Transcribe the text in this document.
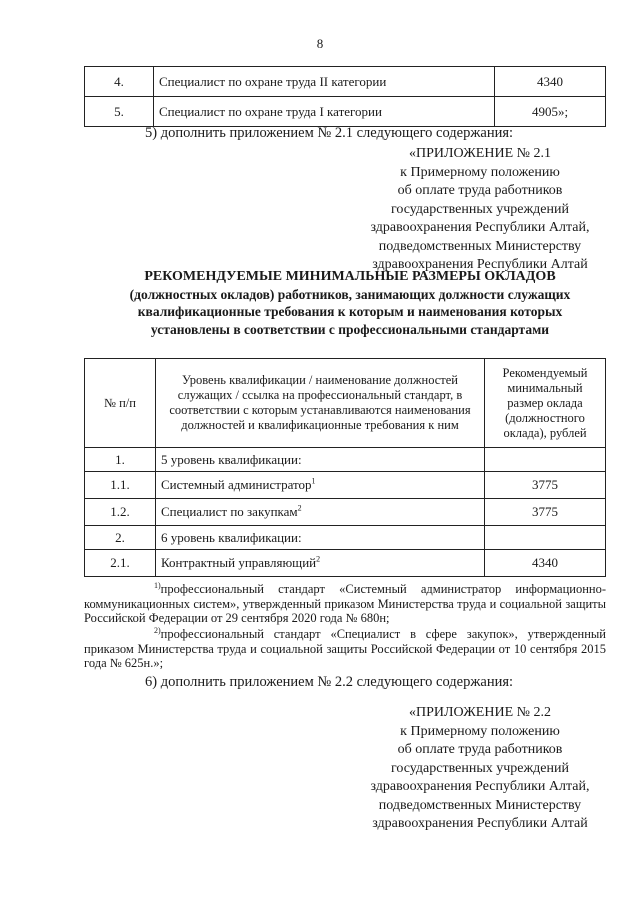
8
4.	Специалист по охране труда II категории	4340
5.	Специалист по охране труда I категории	4905»;
5) дополнить приложением № 2.1 следующего содержания:
«ПРИЛОЖЕНИЕ № 2.1
к Примерному положению
об оплате труда работников
государственных учреждений
здравоохранения Республики Алтай,
подведомственных Министерству
здравоохранения Республики Алтай
РЕКОМЕНДУЕМЫЕ МИНИМАЛЬНЫЕ РАЗМЕРЫ ОКЛАДОВ
(должностных окладов) работников, занимающих должности служащих
квалификационные требования к которым и наименования которых
установлены в соответствии с профессиональными стандартами
№ п/п	Уровень квалификации / наименование должностей служащих / ссылка на профессиональный стандарт, в соответствии с которым устанавливаются наименования должностей и квалификационные требования к ним	Рекомендуемый минимальный размер оклада (должностного оклада), рублей
1.	5 уровень квалификации:	
1.1.	Системный администратор$^1$	3775
1.2.	Специалист по закупкам$^2$	3775
2.	6 уровень квалификации:	
2.1.	Контрактный управляющий$^2$	4340
$^{1)}$профессиональный стандарт «Системный администратор информационно-коммуникационных систем», утвержденный приказом Министерства труда и социальной защиты Российской Федерации от 29 сентября 2020 года № 680н;
$^{2)}$профессиональный стандарт «Специалист в сфере закупок», утвержденный приказом Министерства труда и социальной защиты Российской Федерации от 10 сентября 2015 года № 625н.»;
6) дополнить приложением № 2.2 следующего содержания:
«ПРИЛОЖЕНИЕ № 2.2
к Примерному положению
об оплате труда работников
государственных учреждений
здравоохранения Республики Алтай,
подведомственных Министерству
здравоохранения Республики Алтай
